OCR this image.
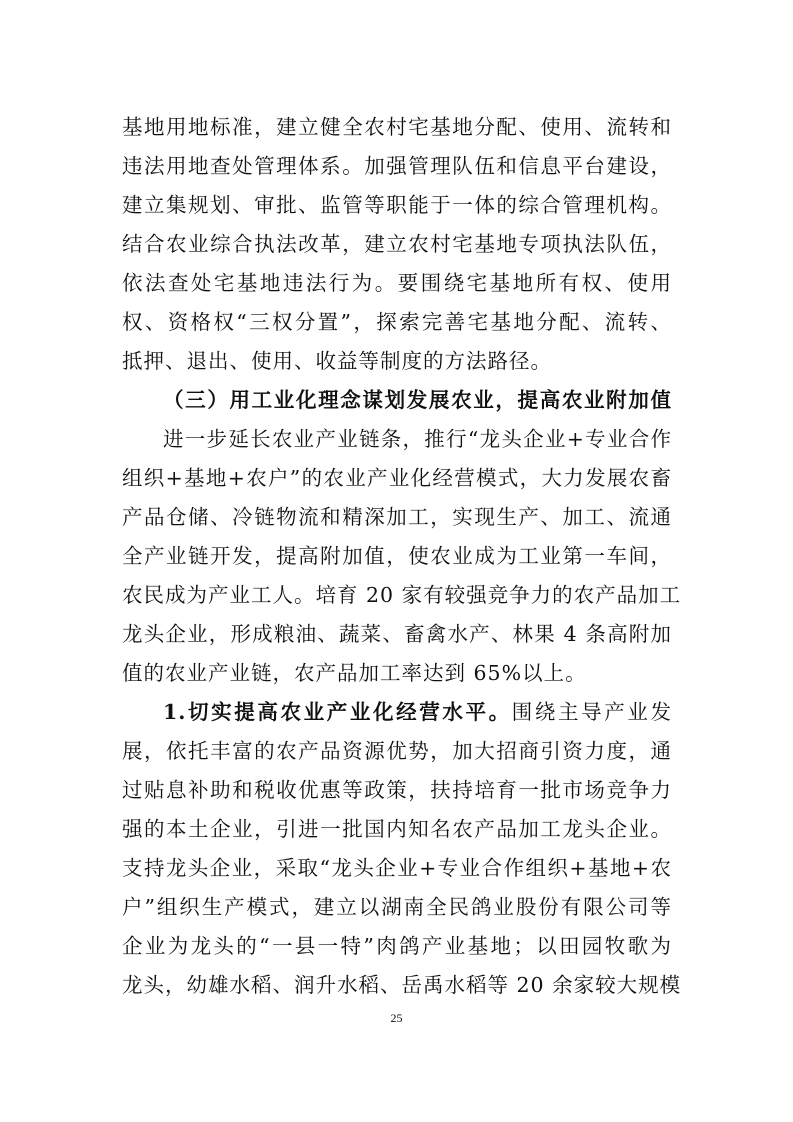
基地用地标准，建立健全农村宅基地分配、使用、流转和
违法用地查处管理体系。加强管理队伍和信息平台建设，
建立集规划、审批、监管等职能于一体的综合管理机构。
结合农业综合执法改革，建立农村宅基地专项执法队伍，
依法查处宅基地违法行为。要围绕宅基地所有权、使用
权、资格权“三权分置”，探索完善宅基地分配、流转、
抵押、退出、使用、收益等制度的方法路径。
（三）用工业化理念谋划发展农业，提高农业附加值
进一步延长农业产业链条，推行“龙头企业+专业合作
组织+基地+农户”的农业产业化经营模式，大力发展农畜
产品仓储、冷链物流和精深加工，实现生产、加工、流通
全产业链开发，提高附加值，使农业成为工业第一车间，
农民成为产业工人。培育 20 家有较强竞争力的农产品加工
龙头企业，形成粮油、蔬菜、畜禽水产、林果 4 条高附加
值的农业产业链，农产品加工率达到 65%以上。
1.切实提高农业产业化经营水平。围绕主导产业发
展，依托丰富的农产品资源优势，加大招商引资力度，通
过贴息补助和税收优惠等政策，扶持培育一批市场竞争力
强的本土企业，引进一批国内知名农产品加工龙头企业。
支持龙头企业，采取“龙头企业+专业合作组织+基地+农
户”组织生产模式，建立以湖南全民鸽业股份有限公司等
企业为龙头的“一县一特”肉鸽产业基地；以田园牧歌为
龙头，幼雄水稻、润升水稻、岳禹水稻等 20 余家较大规模
25
